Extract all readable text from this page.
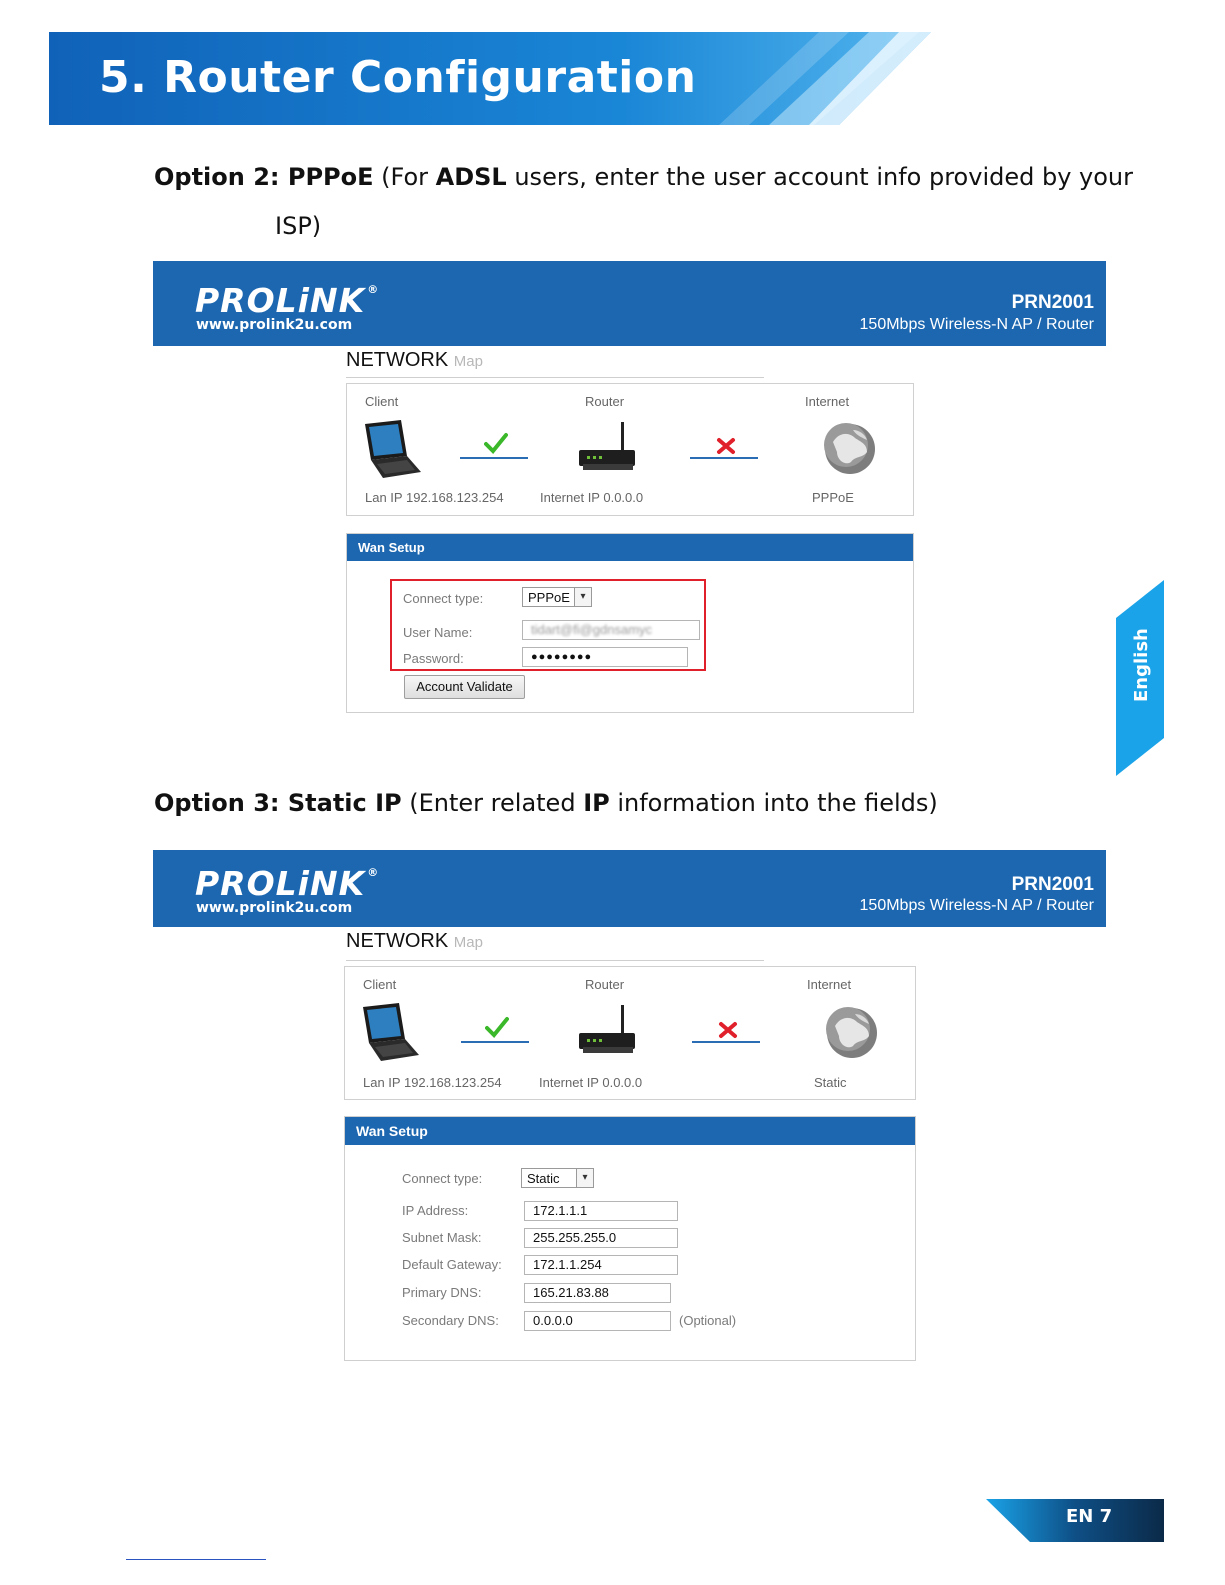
5. Router Configuration
Option 2: PPPoE (For ADSL users, enter the user account info provided by your
ISP)
PROLiNK ®
www.prolink2u.com
PRN2001
150Mbps Wireless-N AP / Router
NETWORK Map
Client	Router	Internet
Lan IP 192.168.123.254	Internet IP 0.0.0.0	PPPoE
Wan Setup
Connect type:	PPPoE	▾
User Name:	tidart@fi@gdnsamyc
Password:	●●●●●●●●
Account Validate	English
Option 3: Static IP (Enter related IP information into the fields)
PROLiNK ®
www.prolink2u.com
PRN2001
150Mbps Wireless-N AP / Router
NETWORK Map
Client	Router	Internet
Lan IP 192.168.123.254	Internet IP 0.0.0.0	Static
Wan Setup
Connect type:	Static	▾
IP Address:	172.1.1.1
Subnet Mask:	255.255.255.0
Default Gateway:	172.1.1.254
Primary DNS:	165.21.83.88
Secondary DNS:	0.0.0.0	(Optional)
EN 7
